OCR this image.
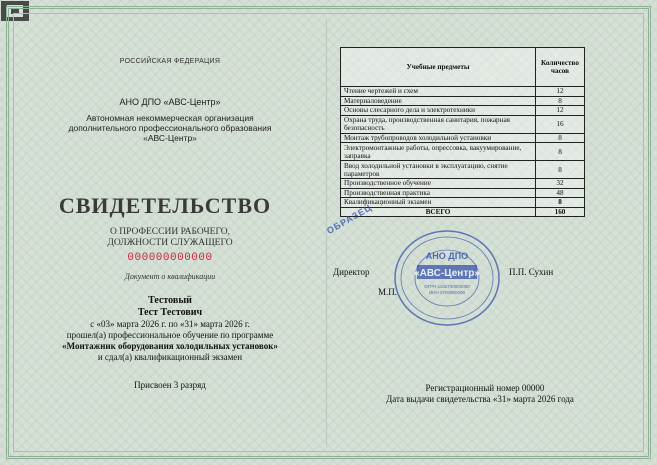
РОССИЙСКАЯ ФЕДЕРАЦИЯ

АНО ДПО «АВС-Центр»

Автономная некоммерческая организация
дополнительного профессионального образования
«АВС-Центр»

СВИДЕТЕЛЬСТВО

О ПРОФЕССИИ РАБОЧЕГО,
ДОЛЖНОСТИ СЛУЖАЩЕГО

000000000000

Документ о квалификации

Тестовый

Тест Тестович

с «03» марта 2026 г. по «31» марта 2026 г.

прошел(а) профессиональное обучение по программе

«Монтажник оборудования холодильных установок»

и сдал(а) квалификационный экзамен

Присвоен 3 разряд

Учебные предметы	Количество часов
Чтение чертежей и схем	12
Материаловедение	8
Основы слесарного дела и электротехники	12
Охрана труда, производственная санитария, пожарная безопасность	16
Монтаж трубопроводов холодильной установки	8
Электромонтажные работы, опрессовка, вакуумирование, заправка	8
Ввод холодильной установки в эксплуатацию, снятие параметров	8
Производственное обучение	32
Производственная практика	48
Квалификационный экзамен	8
ВСЕГО	160

Директор	П.П. Сухин

М.П.

АНО ДПО
«АВС-Центр»
ОГРН 1182700000000
ИНН 2700000000
ОБРАЗЕЦ

Регистрационный номер 00000

Дата выдачи свидетельства «31» марта 2026 года
